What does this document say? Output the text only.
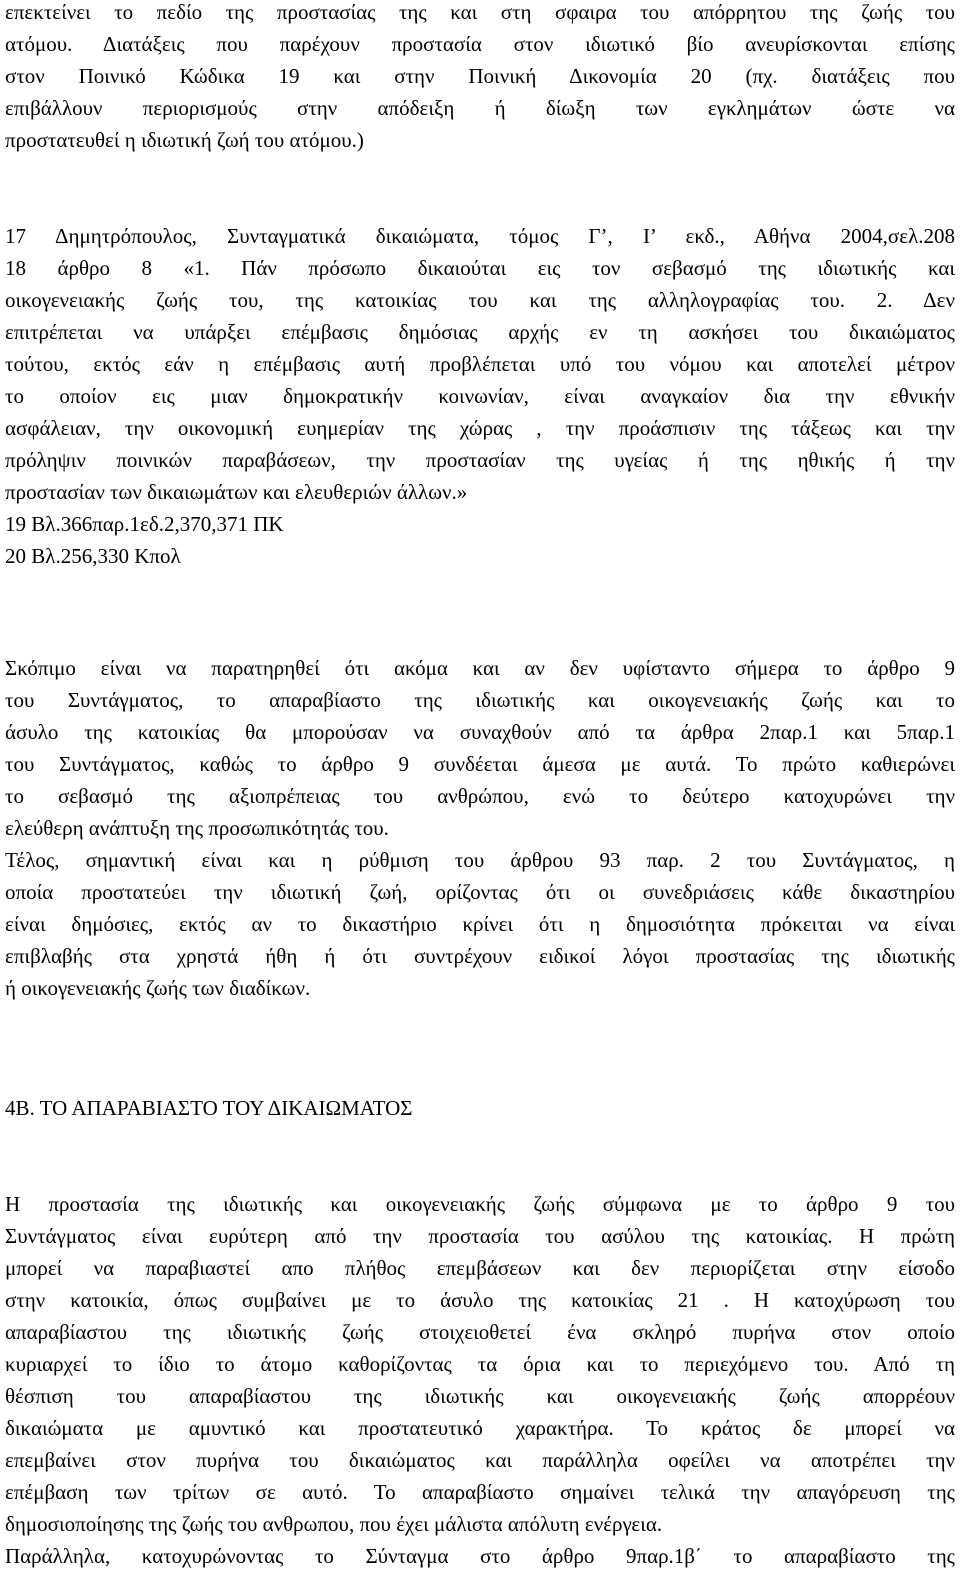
επεκτείνει το πεδίο της προστασίας της και στη σφαιρα του απόρρητου της ζωής του

ατόμου. Διατάξεις που παρέχουν προστασία στον ιδιωτικό βίο ανευρίσκονται επίσης

στον Ποινικό Κώδικα 19 και στην Ποινική Δικονομία 20 (πχ. διατάξεις που

επιβάλλουν περιορισμούς στην απόδειξη ή δίωξη των εγκλημάτων ώστε να

προστατευθεί η ιδιωτική ζωή του ατόμου.)

17 Δημητρόπουλος, Συνταγματικά δικαιώματα, τόμος Γ’, Ι’ εκδ., Αθήνα 2004,σελ.208

18 άρθρο 8 «1. Πάν πρόσωπο δικαιούται εις τον σεβασμό της ιδιωτικής και

οικογενειακής ζωής του, της κατοικίας του και της αλληλογραφίας του. 2. Δεν

επιτρέπεται να υπάρξει επέμβασις δημόσιας αρχής εν τη ασκήσει του δικαιώματος

τούτου, εκτός εάν η επέμβασις αυτή προβλέπεται υπό του νόμου και αποτελεί μέτρον

το οποίον εις μιαν δημοκρατικήν κοινωνίαν, είναι αναγκαίον δια την εθνικήν

ασφάλειαν, την οικονομική ευημερίαν της χώρας , την προάσπισιν της τάξεως και την

πρόληψιν ποινικών παραβάσεων, την προστασίαν της υγείας ή της ηθικής ή την

προστασίαν των δικαιωμάτων και ελευθεριών άλλων.»

19 Βλ.366παρ.1εδ.2,370,371 ΠΚ

20 Βλ.256,330 Κπολ

Σκόπιμο είναι να παρατηρηθεί ότι ακόμα και αν δεν υφίσταντο σήμερα το άρθρο 9

του Συντάγματος, το απαραβίαστο της ιδιωτικής και οικογενειακής ζωής και το

άσυλο της κατοικίας θα μπορούσαν να συναχθούν από τα άρθρα 2παρ.1 και 5παρ.1

του Συντάγματος, καθώς το άρθρο 9 συνδέεται άμεσα με αυτά. Το πρώτο καθιερώνει

το σεβασμό της αξιοπρέπειας του ανθρώπου, ενώ το δεύτερο κατοχυρώνει την

ελεύθερη ανάπτυξη της προσωπικότητάς του.

Τέλος, σημαντική είναι και η ρύθμιση του άρθρου 93 παρ. 2 του Συντάγματος, η

οποία προστατεύει την ιδιωτική ζωή, ορίζοντας ότι οι συνεδριάσεις κάθε δικαστηρίου

είναι δημόσιες, εκτός αν το δικαστήριο κρίνει ότι η δημοσιότητα πρόκειται να είναι

επιβλαβής στα χρηστά ήθη ή ότι συντρέχουν ειδικοί λόγοι προστασίας της ιδιωτικής

ή οικογενειακής ζωής των διαδίκων.

4Β. ΤΟ ΑΠΑΡΑΒΙΑΣΤΟ ΤΟΥ ΔΙΚΑΙΩΜΑΤΟΣ

Η προστασία της ιδιωτικής και οικογενειακής ζωής σύμφωνα με το άρθρο 9 του

Συντάγματος είναι ευρύτερη από την προστασία του ασύλου της κατοικίας. Η πρώτη

μπορεί να παραβιαστεί απο πλήθος επεμβάσεων και δεν περιορίζεται στην είσοδο

στην κατοικία, όπως συμβαίνει με το άσυλο της κατοικίας 21 . Η κατοχύρωση του

απαραβίαστου της ιδιωτικής ζωής στοιχειοθετεί ένα σκληρό πυρήνα στον οποίο

κυριαρχεί το ίδιο το άτομο καθορίζοντας τα όρια και το περιεχόμενο του. Από τη

θέσπιση του απαραβίαστου της ιδιωτικής και οικογενειακής ζωής απορρέουν

δικαιώματα με αμυντικό και προστατευτικό χαρακτήρα. Το κράτος δε μπορεί να

επεμβαίνει στον πυρήνα του δικαιώματος και παράλληλα οφείλει να αποτρέπει την

επέμβαση των τρίτων σε αυτό. Το απαραβίαστο σημαίνει τελικά την απαγόρευση της

δημοσιοποίησης της ζωής του ανθρωπου, που έχει μάλιστα απόλυτη ενέργεια.

Παράλληλα, κατοχυρώνοντας το Σύνταγμα στο άρθρο 9παρ.1β΄ το απαραβίαστο της
